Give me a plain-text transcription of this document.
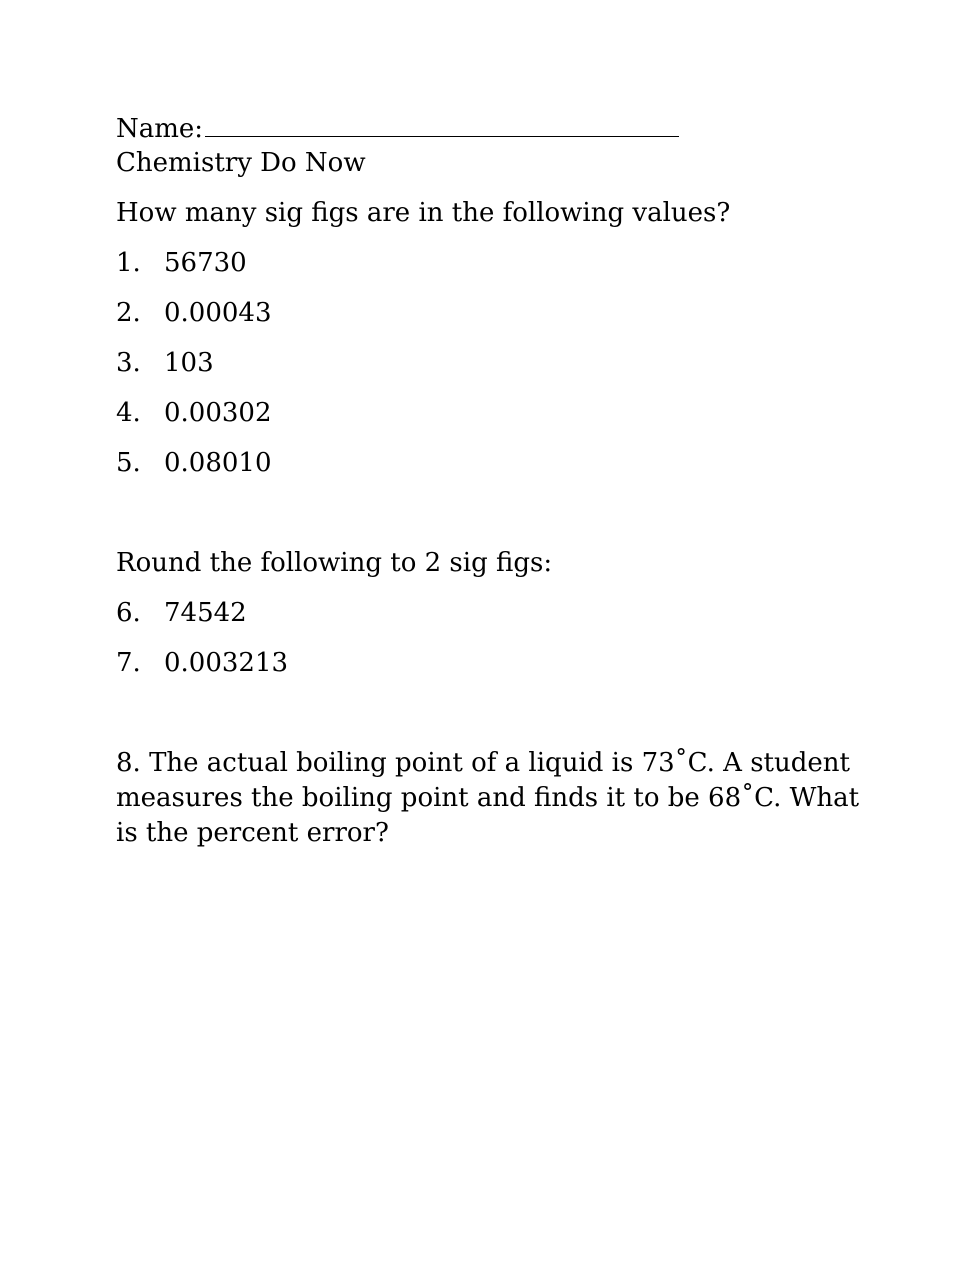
Name:
Chemistry Do Now
How many sig figs are in the following values?
1. 56730
2. 0.00043
3. 103
4. 0.00302
5. 0.08010
Round the following to 2 sig figs:
6. 74542
7. 0.003213
8. The actual boiling point of a liquid is 73˚C. A student measures the boiling point and finds it to be 68˚C. What is the percent error?
